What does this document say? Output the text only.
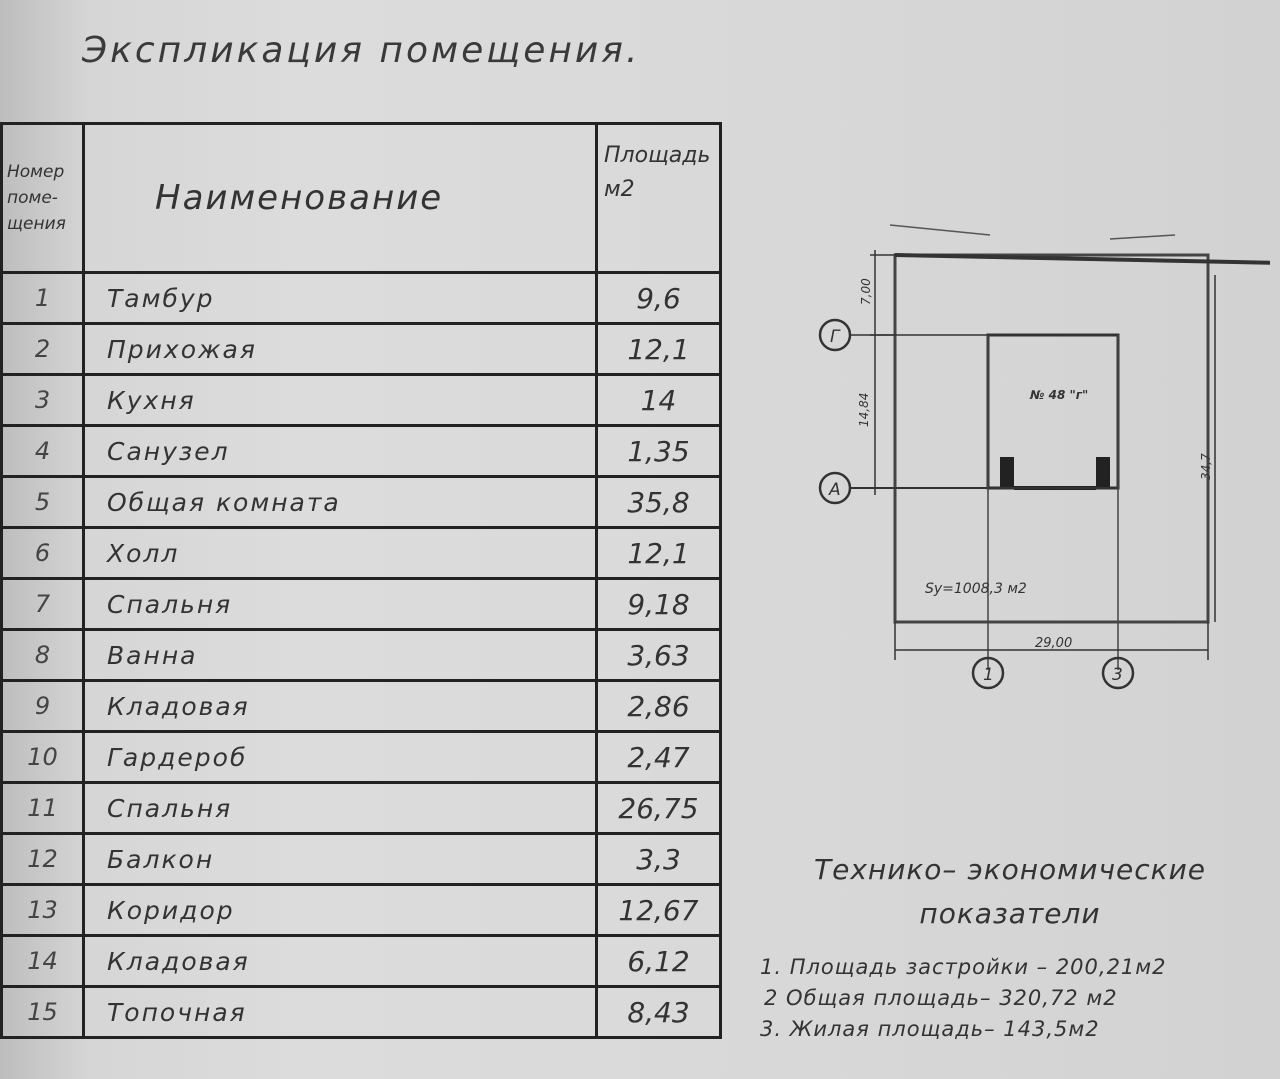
Экспликация помещения.
Номер
поме-
щения	Наименование	Площадь
м2
1	Тамбур	9,6
2	Прихожая	12,1
3	Кухня	14
4	Санузел	1,35
5	Общая комната	35,8
6	Холл	12,1
7	Спальня	9,18
8	Ванна	3,63
9	Кладовая	2,86
10	Гардероб	2,47
11	Спальня	26,75
12	Балкон	3,3
13	Коридор	12,67
14	Кладовая	6,12
15	Топочная	8,43
Г
А
1	3
7,00
14,84
34,7
29,00
№ 48 "г"
Sу=1008,3 м2
Технико– экономические показатели
1. Площадь застройки – 200,21м2
2 Общая площадь– 320,72 м2
3. Жилая площадь– 143,5м2
